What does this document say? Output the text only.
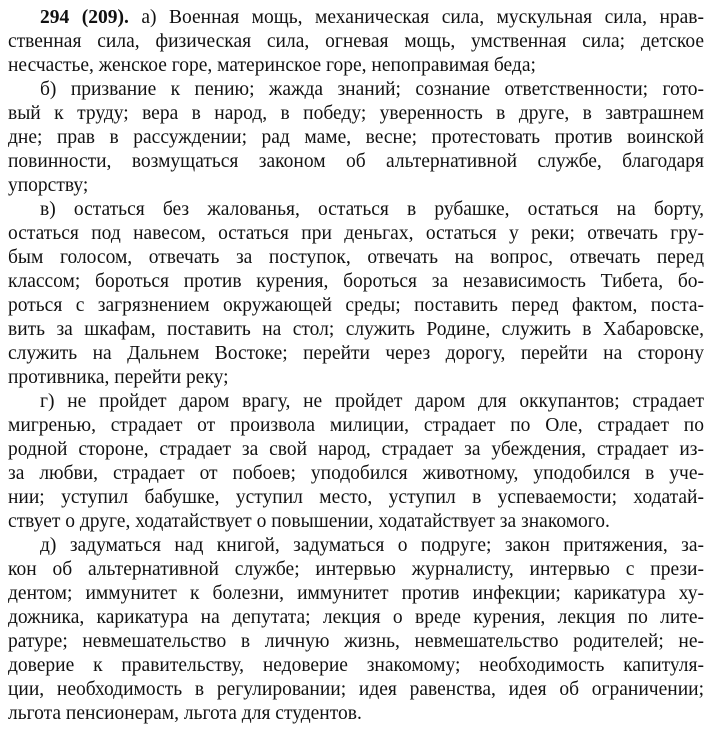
294 (209). а) Военная мощь, механическая сила, мускульная сила, нрав-
ственная сила, физическая сила, огневая мощь, умственная сила; детское
несчастье, женское горе, материнское горе, непоправимая беда;
б) призвание к пению; жажда знаний; сознание ответственности; гото-
вый к труду; вера в народ, в победу; уверенность в друге, в завтрашнем
дне; прав в рассуждении; рад маме, весне; протестовать против воинской
повинности, возмущаться законом об альтернативной службе, благодаря
упорству;
в) остаться без жалованья, остаться в рубашке, остаться на борту,
остаться под навесом, остаться при деньгах, остаться у реки; отвечать гру-
бым голосом, отвечать за поступок, отвечать на вопрос, отвечать перед
классом; бороться против курения, бороться за независимость Тибета, бо-
роться с загрязнением окружающей среды; поставить перед фактом, поста-
вить за шкафам, поставить на стол; служить Родине, служить в Хабаровске,
служить на Дальнем Востоке; перейти через дорогу, перейти на сторону
противника, перейти реку;
г) не пройдет даром врагу, не пройдет даром для оккупантов; страдает
мигренью, страдает от произвола милиции, страдает по Оле, страдает по
родной стороне, страдает за свой народ, страдает за убеждения, страдает из-
за любви, страдает от побоев; уподобился животному, уподобился в уче-
нии; уступил бабушке, уступил место, уступил в успеваемости; ходатай-
ствует о друге, ходатайствует о повышении, ходатайствует за знакомого.
д) задуматься над книгой, задуматься о подруге; закон притяжения, за-
кон об альтернативной службе; интервью журналисту, интервью с прези-
дентом; иммунитет к болезни, иммунитет против инфекции; карикатура ху-
дожника, карикатура на депутата; лекция о вреде курения, лекция по лите-
ратуре; невмешательство в личную жизнь, невмешательство родителей; не-
доверие к правительству, недоверие знакомому; необходимость капитуля-
ции, необходимость в регулировании; идея равенства, идея об ограничении;
льгота пенсионерам, льгота для студентов.
